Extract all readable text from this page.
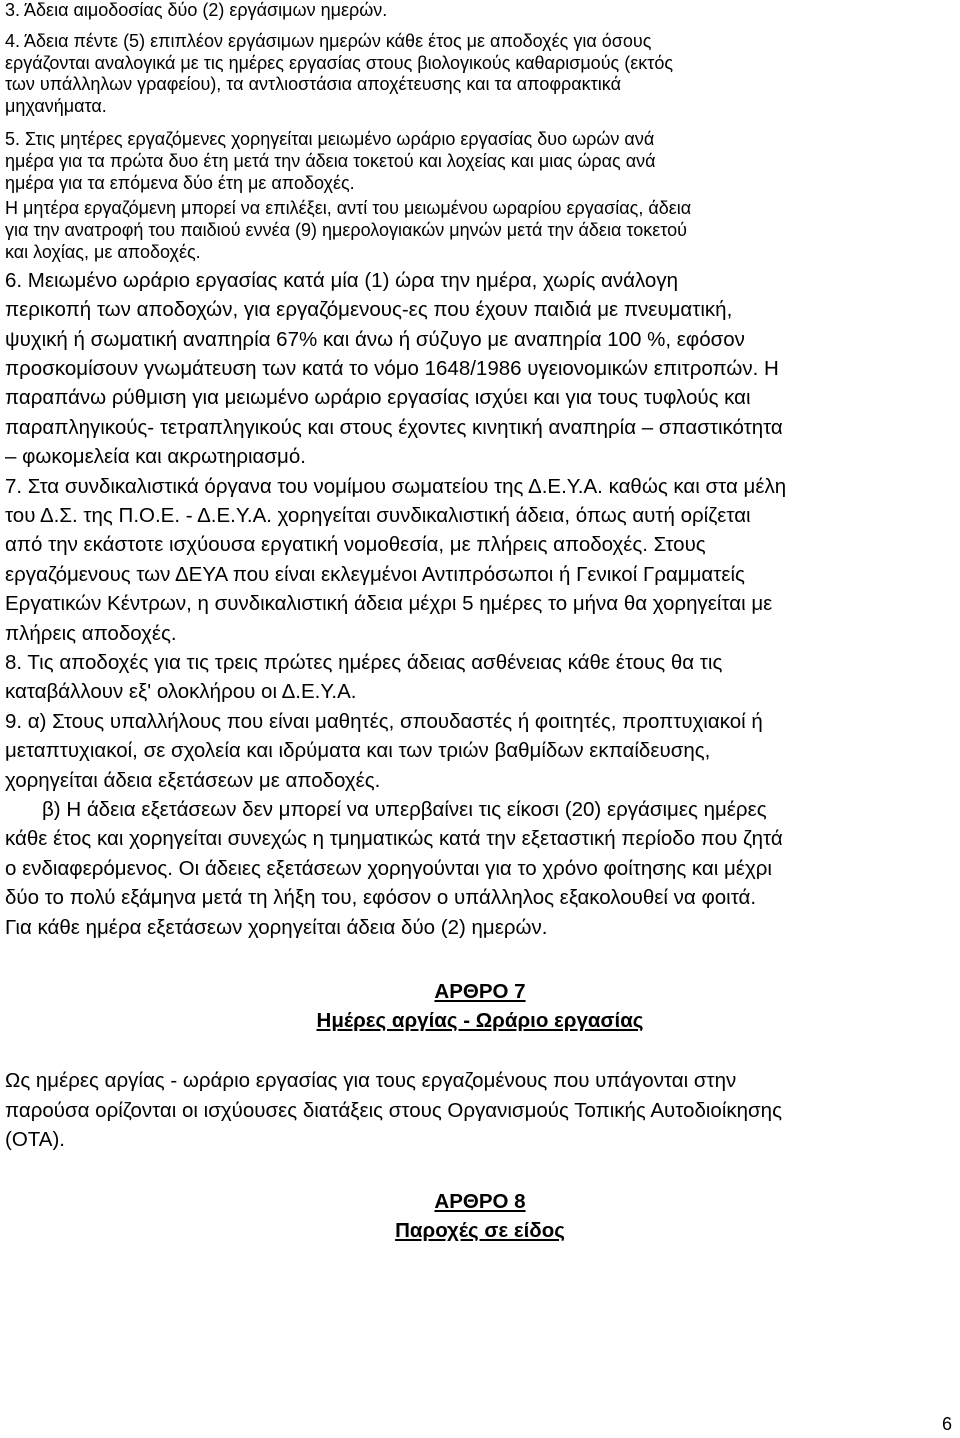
3. Άδεια αιμοδοσίας δύο (2) εργάσιμων ημερών.
4. Άδεια πέντε (5) επιπλέον εργάσιμων ημερών κάθε έτος με αποδοχές για όσους
εργάζονται αναλογικά με τις ημέρες εργασίας στους βιολογικούς καθαρισμούς (εκτός
των υπάλληλων γραφείου), τα αντλιοστάσια αποχέτευσης και τα αποφρακτικά
μηχανήματα.
5. Στις μητέρες εργαζόμενες χορηγείται μειωμένο ωράριο εργασίας δυο ωρών ανά
ημέρα για τα πρώτα δυο έτη μετά την άδεια τοκετού και λοχείας και μιας ώρας ανά
ημέρα για τα επόμενα δύο έτη με αποδοχές.
Η μητέρα εργαζόμενη μπορεί να επιλέξει, αντί του μειωμένου ωραρίου εργασίας, άδεια
για την ανατροφή του παιδιού εννέα (9) ημερολογιακών μηνών μετά την άδεια τοκετού
και λοχίας, με αποδοχές.
6. Μειωμένο ωράριο εργασίας κατά μία (1) ώρα την ημέρα, χωρίς ανάλογη
περικοπή των αποδοχών, για εργαζόμενους-ες που έχουν παιδιά με πνευματική,
ψυχική ή σωματική αναπηρία 67% και άνω ή σύζυγο με αναπηρία 100 %, εφόσον
προσκομίσουν γνωμάτευση των κατά το νόμο 1648/1986 υγειονομικών επιτροπών. Η
παραπάνω ρύθμιση για μειωμένο ωράριο εργασίας ισχύει και για τους τυφλούς και
παραπληγικούς- τετραπληγικούς και στους έχοντες κινητική αναπηρία – σπαστικότητα
– φωκομελεία και ακρωτηριασμό.
7. Στα συνδικαλιστικά όργανα του νομίμου σωματείου της Δ.Ε.Υ.Α. καθώς και στα μέλη
του Δ.Σ. της Π.Ο.Ε. - Δ.Ε.Υ.Α. χορηγείται συνδικαλιστική άδεια, όπως αυτή ορίζεται
από την εκάστοτε ισχύουσα εργατική νομοθεσία, με πλήρεις αποδοχές. Στους
εργαζόμενους των ΔΕΥΑ που είναι εκλεγμένοι Αντιπρόσωποι ή Γενικοί Γραμματείς
Εργατικών Κέντρων, η συνδικαλιστική άδεια μέχρι 5 ημέρες το μήνα θα χορηγείται με
πλήρεις αποδοχές.
8. Τις αποδοχές για τις τρεις πρώτες ημέρες άδειας ασθένειας κάθε έτους θα τις
καταβάλλουν εξ' ολοκλήρου οι Δ.Ε.Υ.Α.
9. α) Στους υπαλλήλους που είναι μαθητές, σπουδαστές ή φοιτητές, προπτυχιακοί ή
μεταπτυχιακοί, σε σχολεία και ιδρύματα και των τριών βαθμίδων εκπαίδευσης,
χορηγείται άδεια εξετάσεων με αποδοχές.
β) Η άδεια εξετάσεων δεν μπορεί να υπερβαίνει τις είκοσι (20) εργάσιμες ημέρες
κάθε έτος και χορηγείται συνεχώς η τμηματικώς κατά την εξεταστική περίοδο που ζητά
ο ενδιαφερόμενος. Οι άδειες εξετάσεων χορηγούνται για το χρόνο φοίτησης και μέχρι
δύο το πολύ εξάμηνα μετά τη λήξη του, εφόσον ο υπάλληλος εξακολουθεί να φοιτά.
Για κάθε ημέρα εξετάσεων χορηγείται άδεια δύο (2) ημερών.
ΑΡΘΡΟ 7
Ημέρες αργίας - Ωράριο εργασίας
Ως ημέρες αργίας - ωράριο εργασίας για τους εργαζομένους που υπάγονται στην
παρούσα ορίζονται οι ισχύουσες διατάξεις στους Οργανισμούς Τοπικής Αυτοδιοίκησης
(ΟΤΑ).
ΑΡΘΡΟ 8
Παροχές σε είδος
6
